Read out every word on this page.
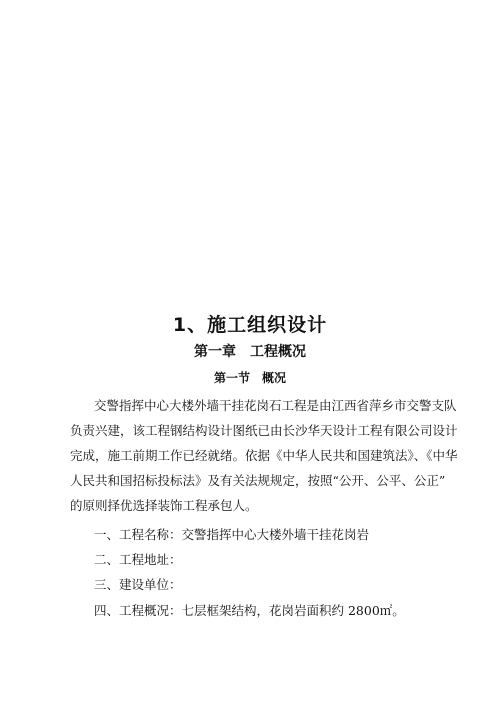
1、施工组织设计
第一章　工程概况
第一节　概况
交警指挥中心大楼外墙干挂花岗石工程是由江西省萍乡市交警支队
负责兴建，该工程钢结构设计图纸已由长沙华天设计工程有限公司设计
完成，施工前期工作已经就绪。依据《中华人民共和国建筑法》、《中华
人民共和国招标投标法》及有关法规规定，按照“公开、公平、公正”
的原则择优选择装饰工程承包人。
一、工程名称：交警指挥中心大楼外墙干挂花岗岩
二、工程地址：
三、建设单位：
四、工程概况：七层框架结构，花岗岩面积约 2800㎡。
